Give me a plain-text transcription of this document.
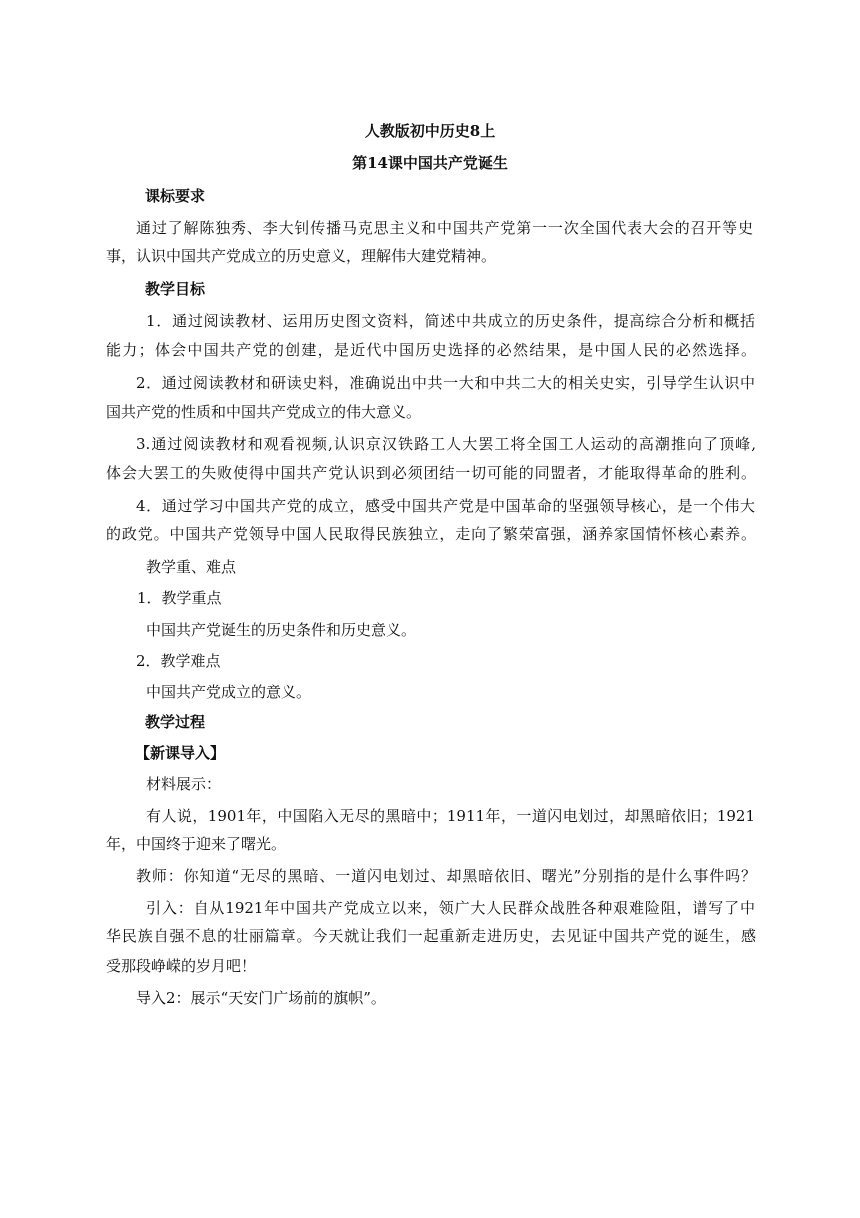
人教版初中历史8上
第14课中国共产党诞生
课标要求
通过了解陈独秀、李大钊传播马克思主义和中国共产党第一一次全国代表大会的召开等史
事，认识中国共产党成立的历史意义，理解伟大建党精神。
教学目标
1．通过阅读教材、运用历史图文资料，简述中共成立的历史条件，提高综合分析和概括
能力；体会中国共产党的创建，是近代中国历史选择的必然结果，是中国人民的必然选择。
2．通过阅读教材和研读史料，准确说出中共一大和中共二大的相关史实，引导学生认识中
国共产党的性质和中国共产党成立的伟大意义。
3.通过阅读教材和观看视频,认识京汉铁路工人大罢工将全国工人运动的高潮推向了顶峰,
体会大罢工的失败使得中国共产党认识到必须团结一切可能的同盟者，才能取得革命的胜利。
4．通过学习中国共产党的成立，感受中国共产党是中国革命的坚强领导核心，是一个伟大
的政党。中国共产党领导中国人民取得民族独立，走向了繁荣富强，涵养家国情怀核心素养。
教学重、难点
1．教学重点
中国共产党诞生的历史条件和历史意义。
2．教学难点
中国共产党成立的意义。
教学过程
【新课导入】
材料展示：
有人说，1901年，中国陷入无尽的黑暗中；1911年，一道闪电划过，却黑暗依旧；1921
年，中国终于迎来了曙光。
教师：你知道“无尽的黑暗、一道闪电划过、却黑暗依旧、曙光”分别指的是什么事件吗？
引入：自从1921年中国共产党成立以来，领广大人民群众战胜各种艰难险阻，谱写了中
华民族自强不息的壮丽篇章。今天就让我们一起重新走进历史，去见证中国共产党的诞生，感
受那段峥嵘的岁月吧！
导入2：展示“天安门广场前的旗帜”。
